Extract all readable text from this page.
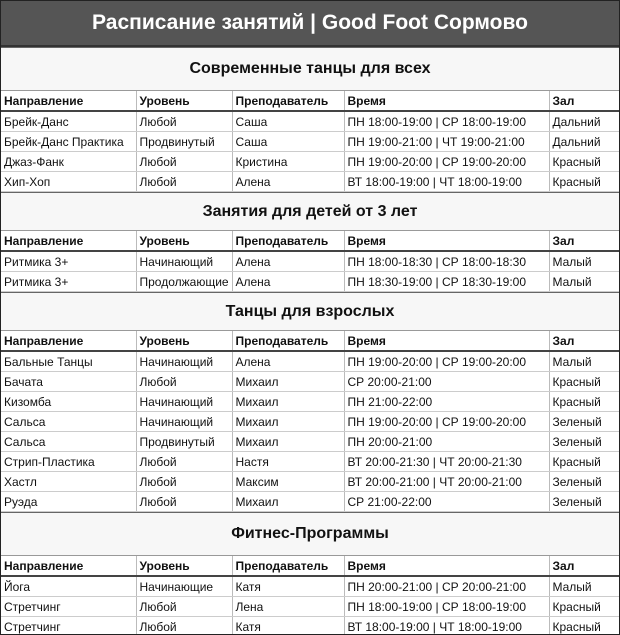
Расписание занятий | Good Foot Сормово
Современные танцы для всех
Направление	Уровень	Преподаватель	Время	Зал
Брейк-Данс	Любой	Саша	ПН 18:00-19:00 | СР 18:00-19:00	Дальний
Брейк-Данс Практика	Продвинутый	Саша	ПН 19:00-21:00 | ЧТ 19:00-21:00	Дальний
Джаз-Фанк	Любой	Кристина	ПН 19:00-20:00 | СР 19:00-20:00	Красный
Хип-Хоп	Любой	Алена	ВТ 18:00-19:00 | ЧТ 18:00-19:00	Красный
Занятия для детей от 3 лет
Направление	Уровень	Преподаватель	Время	Зал
Ритмика 3+	Начинающий	Алена	ПН 18:00-18:30 | СР 18:00-18:30	Малый
Ритмика 3+	Продолжающие	Алена	ПН 18:30-19:00 | СР 18:30-19:00	Малый
Танцы для взрослых
Направление	Уровень	Преподаватель	Время	Зал
Бальные Танцы	Начинающий	Алена	ПН 19:00-20:00 | СР 19:00-20:00	Малый
Бачата	Любой	Михаил	СР 20:00-21:00	Красный
Кизомба	Начинающий	Михаил	ПН 21:00-22:00	Красный
Сальса	Начинающий	Михаил	ПН 19:00-20:00 | СР 19:00-20:00	Зеленый
Сальса	Продвинутый	Михаил	ПН 20:00-21:00	Зеленый
Стрип-Пластика	Любой	Настя	ВТ 20:00-21:30 | ЧТ 20:00-21:30	Красный
Хастл	Любой	Максим	ВТ 20:00-21:00 | ЧТ 20:00-21:00	Зеленый
Руэда	Любой	Михаил	СР 21:00-22:00	Зеленый
Фитнес-Программы
Направление	Уровень	Преподаватель	Время	Зал
Йога	Начинающие	Катя	ПН 20:00-21:00 | СР 20:00-21:00	Малый
Стретчинг	Любой	Лена	ПН 18:00-19:00 | СР 18:00-19:00	Красный
Стретчинг	Любой	Катя	ВТ 18:00-19:00 | ЧТ 18:00-19:00	Красный
